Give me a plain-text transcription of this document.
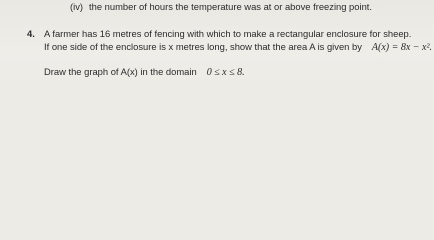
(iv) the number of hours the temperature was at or above freezing point.
4. A farmer has 16 metres of fencing with which to make a rectangular enclosure for sheep.
If one side of the enclosure is x metres long, show that the area A is given by A(x) = 8x − x².
Draw the graph of A(x) in the domain 0 ≤ x ≤ 8.
